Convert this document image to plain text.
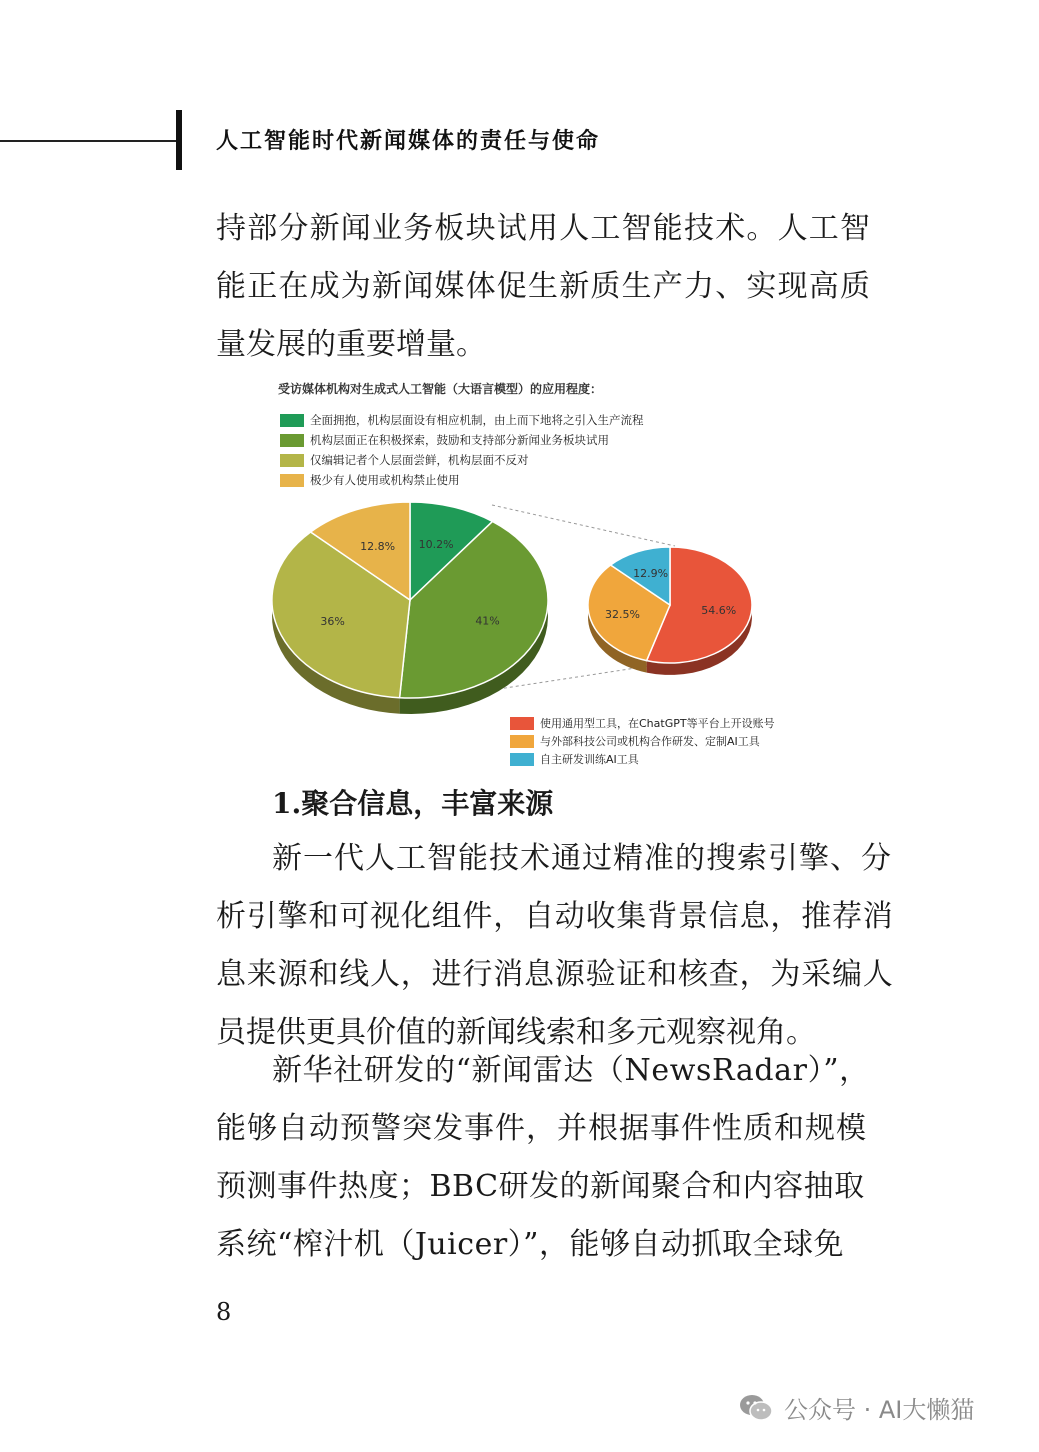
人工智能时代新闻媒体的责任与使命
持部分新闻业务板块试用人工智能技术。人工智
能正在成为新闻媒体促生新质生产力、实现高质
量发展的重要增量。
10.2%
41%
36%
12.8%
54.6%
32.5%
12.9%
受访媒体机构对生成式人工智能（大语言模型）的应用程度：
全面拥抱，机构层面设有相应机制，由上而下地将之引入生产流程
机构层面正在积极探索，鼓励和支持部分新闻业务板块试用
仅编辑记者个人层面尝鲜，机构层面不反对
极少有人使用或机构禁止使用
使用通用型工具，在ChatGPT等平台上开设账号
与外部科技公司或机构合作研发、定制AI工具
自主研发训练AI工具
1.聚合信息，丰富来源
新一代人工智能技术通过精准的搜索引擎、分
析引擎和可视化组件，自动收集背景信息，推荐消
息来源和线人，进行消息源验证和核查，为采编人
员提供更具价值的新闻线索和多元观察视角。
新华社研发的“新闻雷达（NewsRadar）”，
能够自动预警突发事件，并根据事件性质和规模
预测事件热度；BBC研发的新闻聚合和内容抽取
系统“榨汁机（Juicer）”，能够自动抓取全球免
8
公众号 · AI大懒猫
